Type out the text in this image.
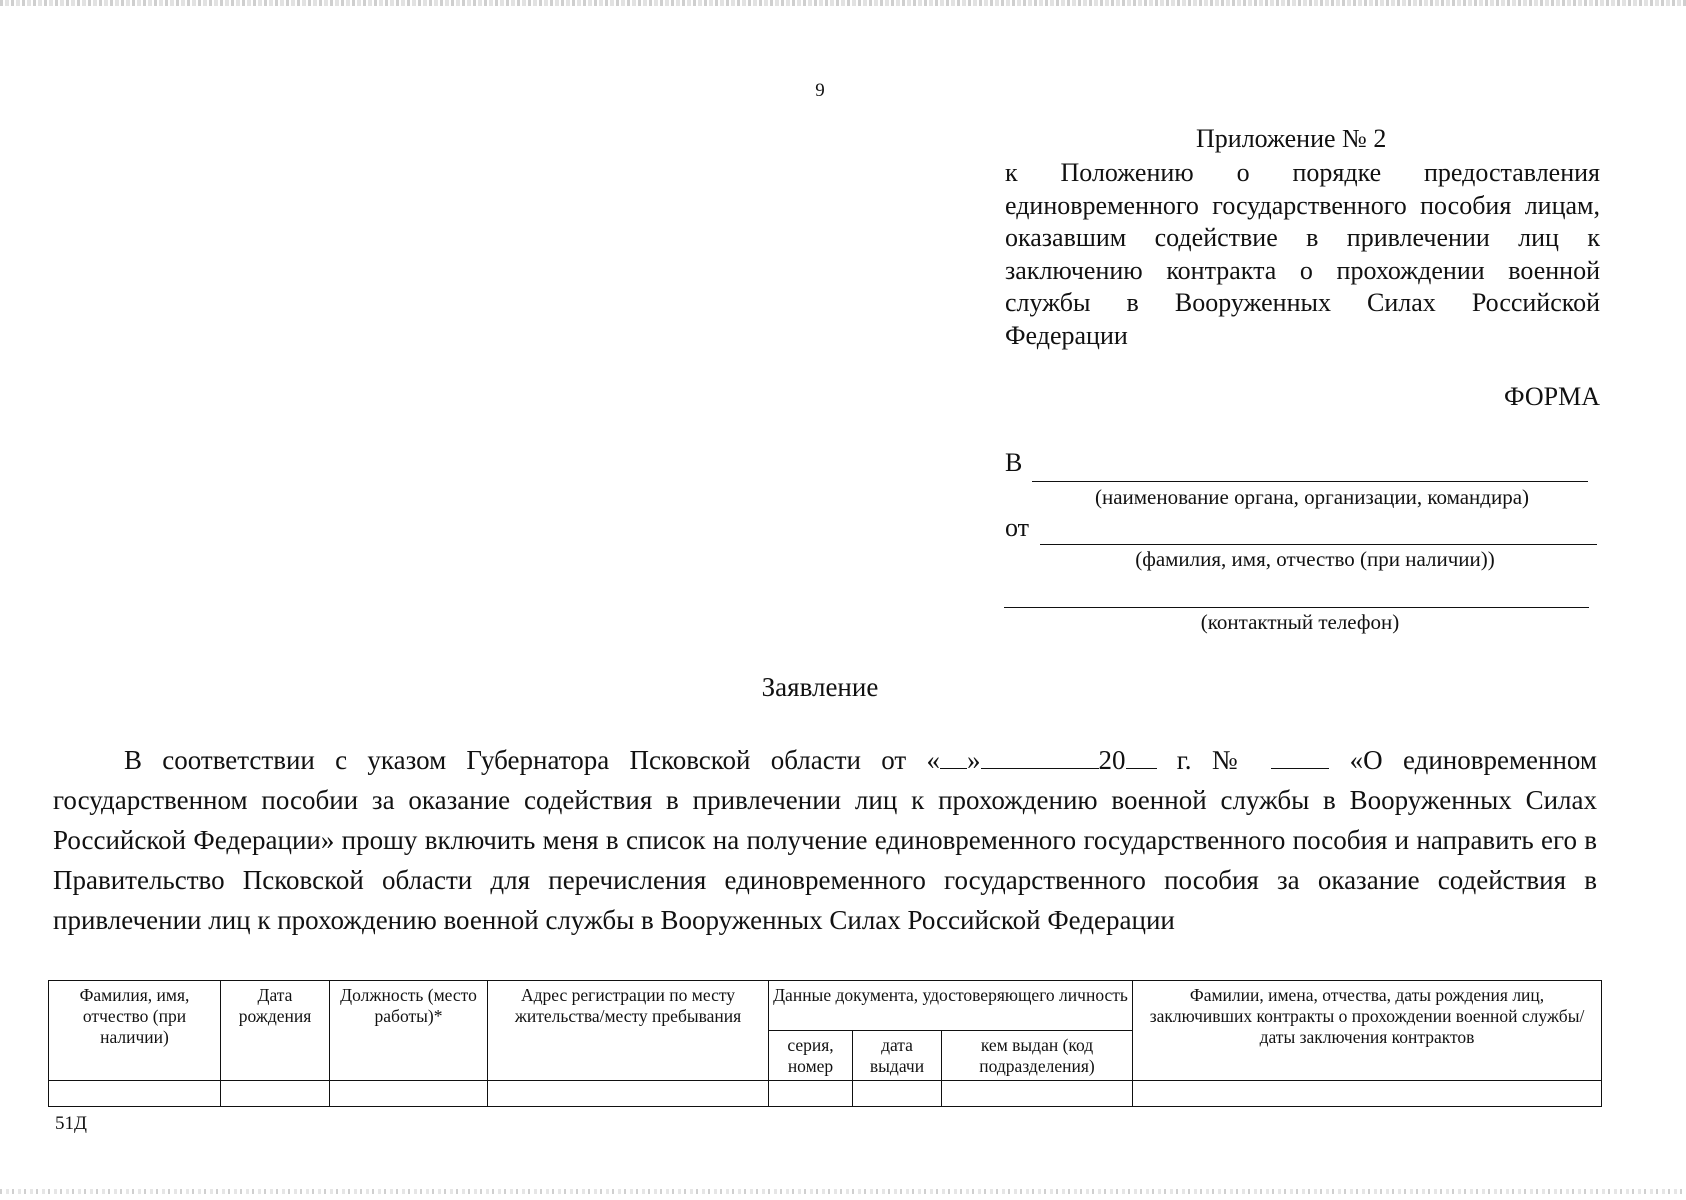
9
Приложение № 2
к Положению о порядке предоставления единовременного государственного пособия лицам, оказавшим содействие в привлечении лиц к заключению контракта о прохождении военной службы в Вооруженных Силах Российской Федерации
ФОРМА
В
(наименование органа, организации, командира)
от
(фамилия, имя, отчество (при наличии))
(контактный телефон)
Заявление
В соответствии с указом Губернатора Псковской области от « »	20 г. №  «О единовременном государственном пособии за оказание содействия в привлечении лиц к прохождению военной службы в Вооруженных Силах Российской Федерации» прошу включить меня в список на получение единовременного государственного пособия и направить его в Правительство Псковской области для перечисления единовременного государственного пособия за оказание содействия в привлечении лиц к прохождению военной службы в Вооруженных Силах Российской Федерации
Фамилия, имя, отчество (при наличии)	Дата рождения	Должность (место работы)*	Адрес регистрации по месту жительства/месту пребывания	Данные документа, удостоверяющего личность			Фамилии, имена, отчества, даты рождения лиц, заключивших контракты о прохождении военной службы/даты заключения контрактов
				серия, номер	дата выдачи	кем выдан (код подразделения)	

51Д
